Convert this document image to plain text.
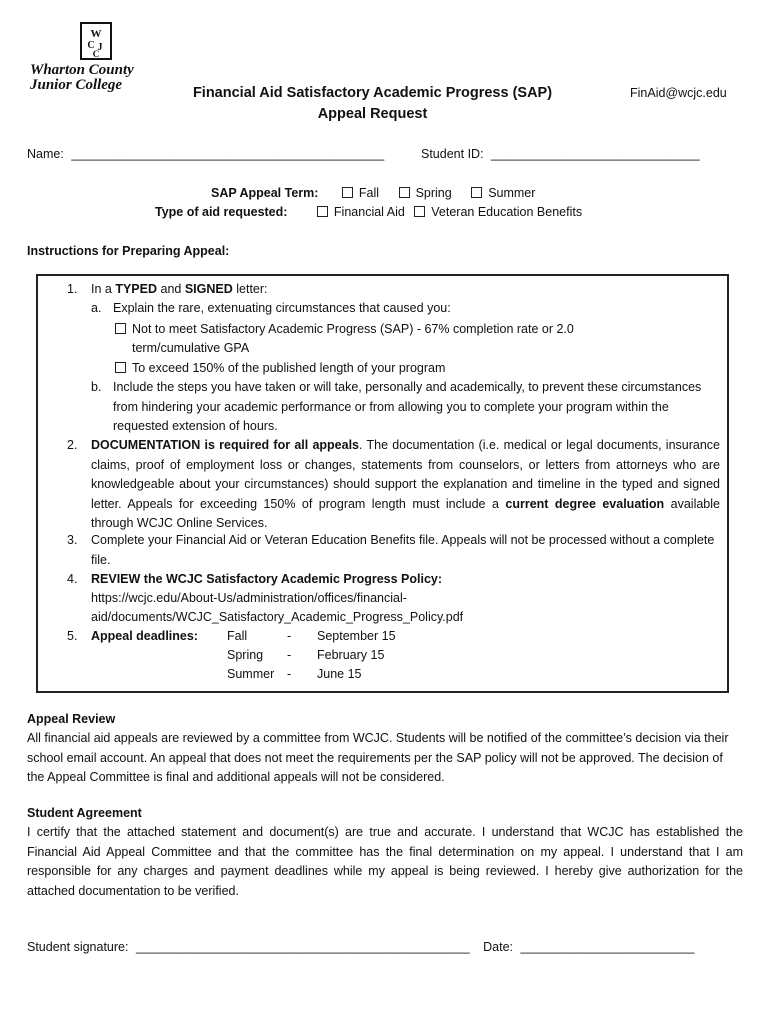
W
C J
C
Wharton County
Junior College	Financial Aid Satisfactory Academic Progress (SAP)
Appeal Request
FinAid@wcjc.edu
Name: _____________________________________________	Student ID: ______________________________
SAP Appeal Term:	Fall	Spring	Summer
Type of aid requested:	Financial Aid Veteran Education Benefits
Instructions for Preparing Appeal:
1. In a TYPED and SIGNED letter:
a. Explain the rare, extenuating circumstances that caused you:
Not to meet Satisfactory Academic Progress (SAP) - 67% completion rate or 2.0
term/cumulative GPA
To exceed 150% of the published length of your program
b. Include the steps you have taken or will take, personally and academically, to prevent these circumstances from hindering your academic performance or from allowing you to complete your program within the requested extension of hours.
2. DOCUMENTATION is required for all appeals. The documentation (i.e. medical or legal documents, insurance claims, proof of employment loss or changes, statements from counselors, or letters from attorneys who are knowledgeable about your circumstances) should support the explanation and timeline in the typed and signed letter. Appeals for exceeding 150% of program length must include a current degree evaluation available through WCJC Online Services.
3. Complete your Financial Aid or Veteran Education Benefits file. Appeals will not be processed without a complete file.
4. REVIEW the WCJC Satisfactory Academic Progress Policy:
https://wcjc.edu/About-Us/administration/offices/financial-
aid/documents/WCJC_Satisfactory_Academic_Progress_Policy.pdf
5. Appeal deadlines: Fall	- September 15
Spring - February 15
Summer - June 15
Appeal Review
All financial aid appeals are reviewed by a committee from WCJC. Students will be notified of the committee’s decision via their school email account. An appeal that does not meet the requirements per the SAP policy will not be approved. The decision of the Appeal Committee is final and additional appeals will not be considered.
Student Agreement
I certify that the attached statement and document(s) are true and accurate. I understand that WCJC has established the Financial Aid Appeal Committee and that the committee has the final determination on my appeal. I understand that I am responsible for any charges and payment deadlines while my appeal is being reviewed. I hereby give authorization for the attached documentation to be verified.
Student signature: ________________________________________________ Date: _________________________
